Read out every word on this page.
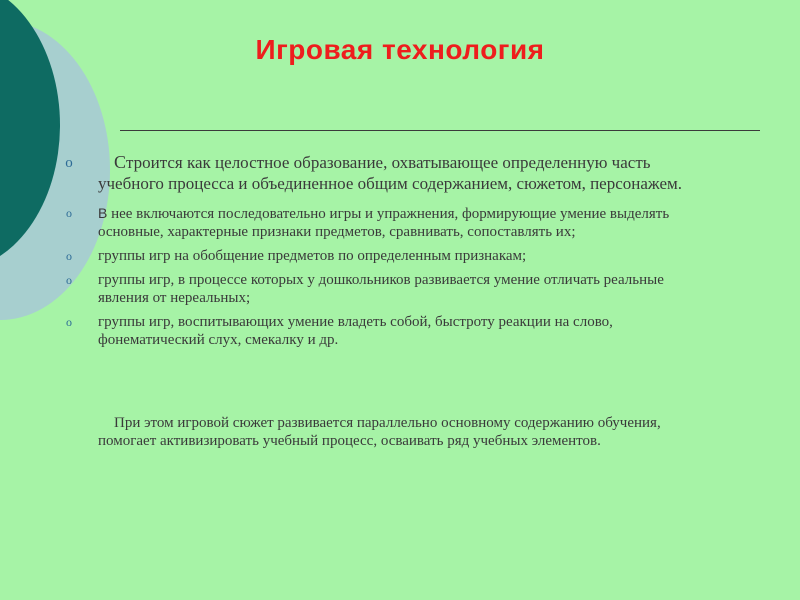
Игровая технология
o	Строится как целостное образование, охватывающее определенную часть учебного процесса и объединенное общим содержанием, сюжетом, персонажем.
o В нее включаются последовательно игры и упражнения, формирующие умение выделять основные, характерные признаки предметов, сравнивать, сопоставлять их;
o группы игр на обобщение предметов по определенным признакам;
o группы игр, в процессе которых у дошкольников развивается умение отличать реальные явления от нереальных;
o группы игр, воспитывающих умение владеть собой, быстроту реакции на слово, фонематический слух, смекалку и др.
При этом игровой сюжет развивается параллельно основному содержанию обучения, помогает активизировать учебный процесс, осваивать ряд учебных элементов.
